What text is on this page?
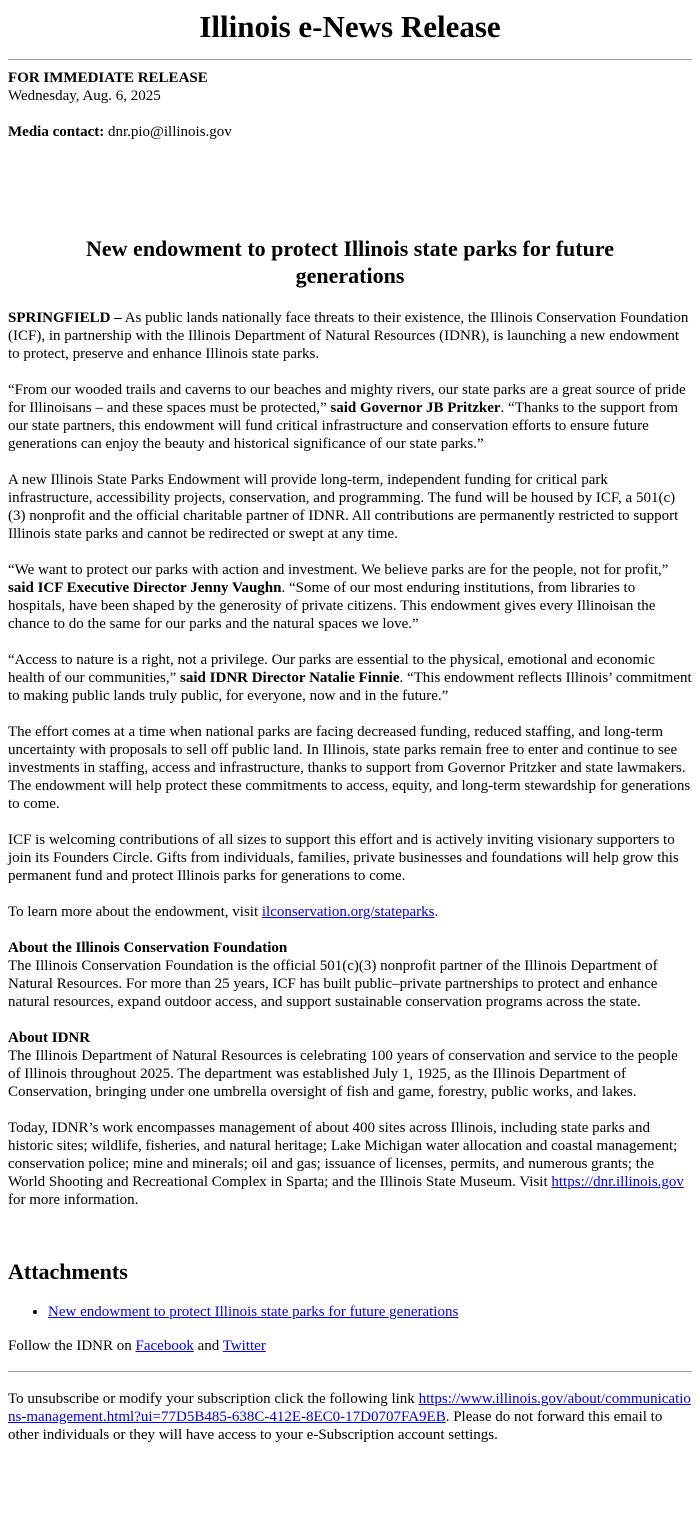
Illinois e-News Release
FOR IMMEDIATE RELEASE
Wednesday, Aug. 6, 2025
Media contact: dnr.pio@illinois.gov
New endowment to protect Illinois state parks for future generations

SPRINGFIELD – As public lands nationally face threats to their existence, the Illinois Conservation Foundation (ICF), in partnership with the Illinois Department of Natural Resources (IDNR), is launching a new endowment to protect, preserve and enhance Illinois state parks.

“From our wooded trails and caverns to our beaches and mighty rivers, our state parks are a great source of pride for Illinoisans – and these spaces must be protected,” said Governor JB Pritzker. “Thanks to the support from our state partners, this endowment will fund critical infrastructure and conservation efforts to ensure future generations can enjoy the beauty and historical significance of our state parks.”

A new Illinois State Parks Endowment will provide long-term, independent funding for critical park infrastructure, accessibility projects, conservation, and programming. The fund will be housed by ICF, a 501(c)(3) nonprofit and the official charitable partner of IDNR. All contributions are permanently restricted to support Illinois state parks and cannot be redirected or swept at any time.

“We want to protect our parks with action and investment. We believe parks are for the people, not for profit,” said ICF Executive Director Jenny Vaughn. “Some of our most enduring institutions, from libraries to hospitals, have been shaped by the generosity of private citizens. This endowment gives every Illinoisan the chance to do the same for our parks and the natural spaces we love.”

“Access to nature is a right, not a privilege. Our parks are essential to the physical, emotional and economic health of our communities,” said IDNR Director Natalie Finnie. “This endowment reflects Illinois’ commitment to making public lands truly public, for everyone, now and in the future.”

The effort comes at a time when national parks are facing decreased funding, reduced staffing, and long-term uncertainty with proposals to sell off public land. In Illinois, state parks remain free to enter and continue to see investments in staffing, access and infrastructure, thanks to support from Governor Pritzker and state lawmakers. The endowment will help protect these commitments to access, equity, and long-term stewardship for generations to come.

ICF is welcoming contributions of all sizes to support this effort and is actively inviting visionary supporters to join its Founders Circle. Gifts from individuals, families, private businesses and foundations will help grow this permanent fund and protect Illinois parks for generations to come.

To learn more about the endowment, visit ilconservation.org/stateparks.

About the Illinois Conservation Foundation
The Illinois Conservation Foundation is the official 501(c)(3) nonprofit partner of the Illinois Department of Natural Resources. For more than 25 years, ICF has built public–private partnerships to protect and enhance natural resources, expand outdoor access, and support sustainable conservation programs across the state.

About IDNR
The Illinois Department of Natural Resources is celebrating 100 years of conservation and service to the people of Illinois throughout 2025. The department was established July 1, 1925, as the Illinois Department of Conservation, bringing under one umbrella oversight of fish and game, forestry, public works, and lakes.

Today, IDNR’s work encompasses management of about 400 sites across Illinois, including state parks and historic sites; wildlife, fisheries, and natural heritage; Lake Michigan water allocation and coastal management; conservation police; mine and minerals; oil and gas; issuance of licenses, permits, and numerous grants; the World Shooting and Recreational Complex in Sparta; and the Illinois State Museum. Visit https://dnr.illinois.gov for more information.

Attachments
• New endowment to protect Illinois state parks for future generations
Follow the IDNR on Facebook and Twitter
To unsubscribe or modify your subscription click the following link https://www.illinois.gov/about/communications-management.html?ui=77D5B485-638C-412E-8EC0-17D0707FA9EB. Please do not forward this email to other individuals or they will have access to your e-Subscription account settings.
